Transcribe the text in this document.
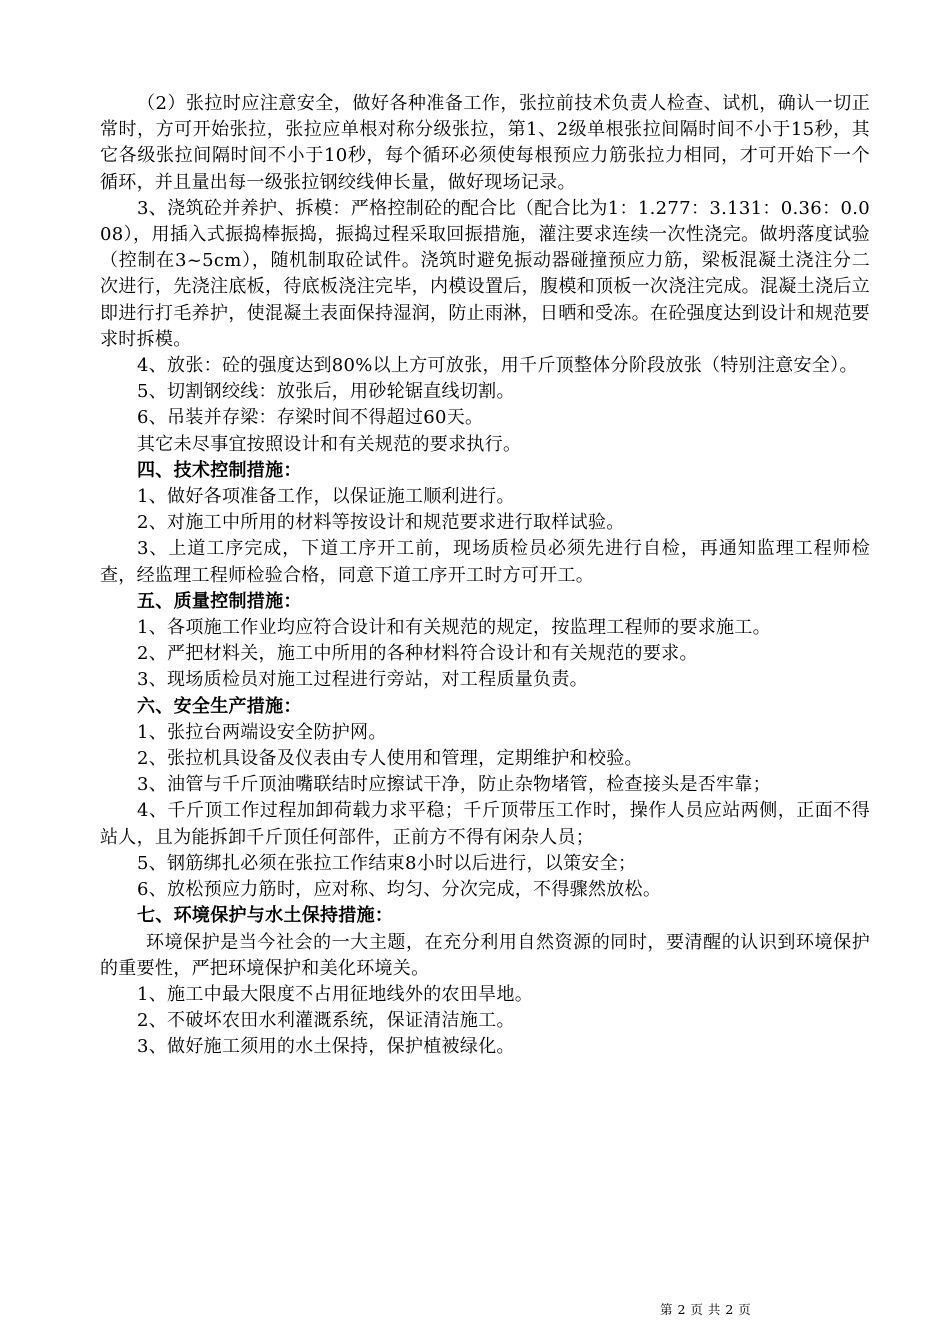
（2）张拉时应注意安全，做好各种准备工作，张拉前技术负责人检查、试机，确认一切正常时，方可开始张拉，张拉应单根对称分级张拉，第1、2级单根张拉间隔时间不小于15秒，其它各级张拉间隔时间不小于10秒，每个循环必须使每根预应力筋张拉力相同，才可开始下一个循环，并且量出每一级张拉钢绞线伸长量，做好现场记录。

3、浇筑砼并养护、拆模：严格控制砼的配合比（配合比为1：1.277：3.131：0.36：0.008），用插入式振捣棒振捣，振捣过程采取回振措施，灌注要求连续一次性浇完。做坍落度试验（控制在3~5cm），随机制取砼试件。浇筑时避免振动器碰撞预应力筋，梁板混凝土浇注分二次进行，先浇注底板，待底板浇注完毕，内模设置后，腹模和顶板一次浇注完成。混凝土浇后立即进行打毛养护，使混凝土表面保持湿润，防止雨淋，日晒和受冻。在砼强度达到设计和规范要求时拆模。

4、放张：砼的强度达到80%以上方可放张，用千斤顶整体分阶段放张（特别注意安全）。

5、切割钢绞线：放张后，用砂轮锯直线切割。

6、吊装并存梁：存梁时间不得超过60天。

其它未尽事宜按照设计和有关规范的要求执行。

四、技术控制措施：

1、做好各项准备工作，以保证施工顺利进行。

2、对施工中所用的材料等按设计和规范要求进行取样试验。

3、上道工序完成，下道工序开工前，现场质检员必须先进行自检，再通知监理工程师检查，经监理工程师检验合格，同意下道工序开工时方可开工。

五、质量控制措施：

1、各项施工作业均应符合设计和有关规范的规定，按监理工程师的要求施工。

2、严把材料关，施工中所用的各种材料符合设计和有关规范的要求。

3、现场质检员对施工过程进行旁站，对工程质量负责。

六、安全生产措施：

1、张拉台两端设安全防护网。

2、张拉机具设备及仪表由专人使用和管理，定期维护和校验。

3、油管与千斤顶油嘴联结时应擦试干净，防止杂物堵管，检查接头是否牢靠；

4、千斤顶工作过程加卸荷载力求平稳；千斤顶带压工作时，操作人员应站两侧，正面不得站人，且为能拆卸千斤顶任何部件，正前方不得有闲杂人员；

5、钢筋绑扎必须在张拉工作结束8小时以后进行，以策安全；

6、放松预应力筋时，应对称、均匀、分次完成，不得骤然放松。

七、环境保护与水土保持措施：

环境保护是当今社会的一大主题，在充分利用自然资源的同时，要清醒的认识到环境保护的重要性，严把环境保护和美化环境关。

1、施工中最大限度不占用征地线外的农田旱地。

2、不破坏农田水利灌溉系统，保证清洁施工。

3、做好施工须用的水土保持，保护植被绿化。

第 2 页 共 2 页
